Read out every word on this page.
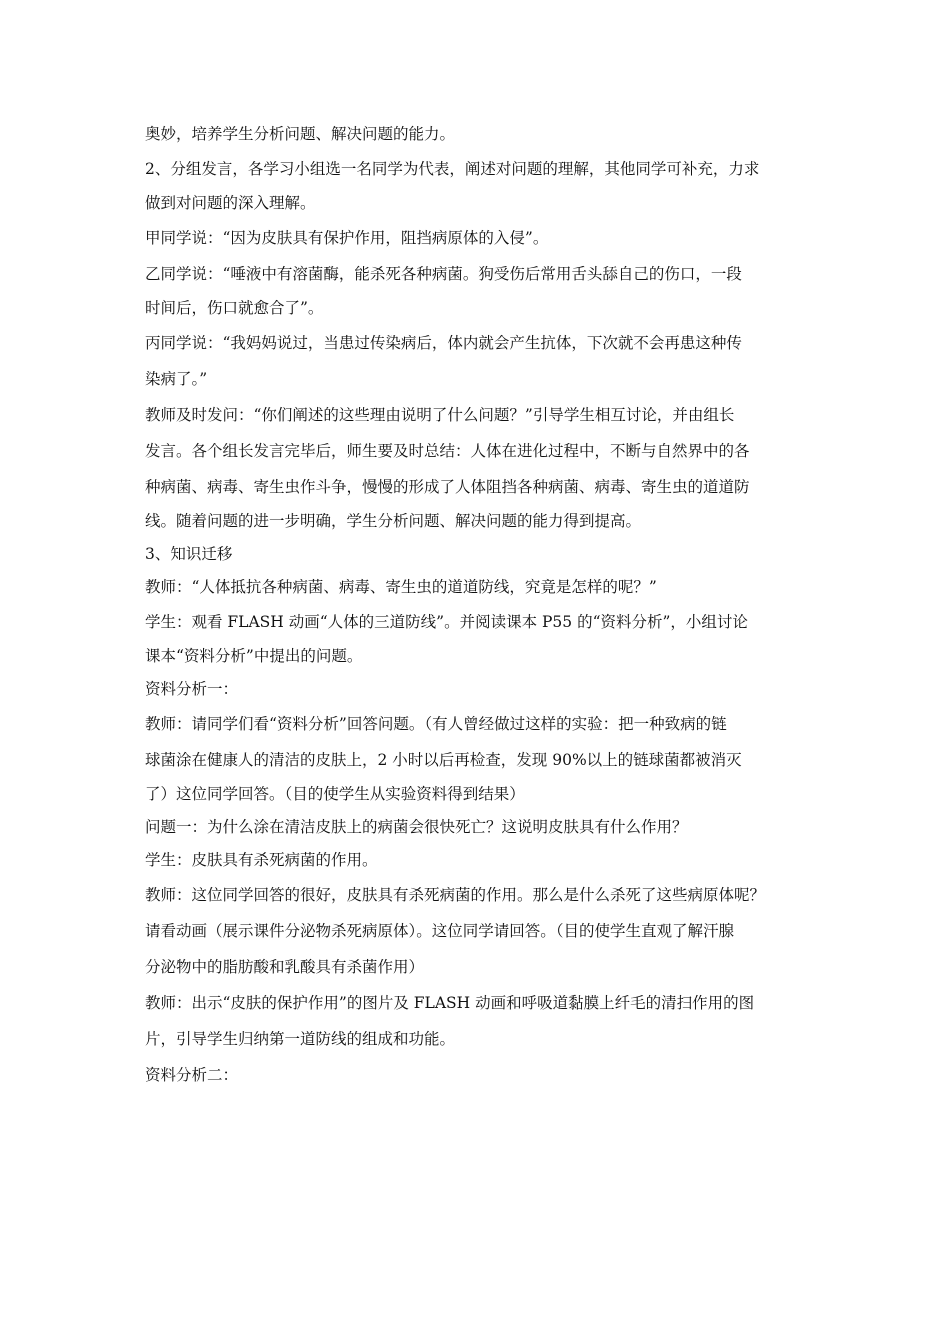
奥妙，培养学生分析问题、解决问题的能力。
2、分组发言，各学习小组选一名同学为代表，阐述对问题的理解，其他同学可补充，力求
做到对问题的深入理解。
甲同学说：“因为皮肤具有保护作用，阻挡病原体的入侵”。
乙同学说：“唾液中有溶菌酶，能杀死各种病菌。狗受伤后常用舌头舔自己的伤口，一段
时间后，伤口就愈合了”。
丙同学说：“我妈妈说过，当患过传染病后，体内就会产生抗体，下次就不会再患这种传
染病了。”
教师及时发问：“你们阐述的这些理由说明了什么问题？”引导学生相互讨论，并由组长
发言。各个组长发言完毕后，师生要及时总结：人体在进化过程中，不断与自然界中的各
种病菌、病毒、寄生虫作斗争，慢慢的形成了人体阻挡各种病菌、病毒、寄生虫的道道防
线。随着问题的进一步明确，学生分析问题、解决问题的能力得到提高。
3、知识迁移
教师：“人体抵抗各种病菌、病毒、寄生虫的道道防线，究竟是怎样的呢？”
学生：观看 FLASH 动画“人体的三道防线”。并阅读课本 P55 的“资料分析”，小组讨论
课本“资料分析”中提出的问题。
资料分析一：
教师：请同学们看“资料分析”回答问题。（有人曾经做过这样的实验：把一种致病的链
球菌涂在健康人的清洁的皮肤上，2 小时以后再检查，发现 90%以上的链球菌都被消灭
了）这位同学回答。（目的使学生从实验资料得到结果）
问题一：为什么涂在清洁皮肤上的病菌会很快死亡？这说明皮肤具有什么作用？
学生：皮肤具有杀死病菌的作用。
教师：这位同学回答的很好，皮肤具有杀死病菌的作用。那么是什么杀死了这些病原体呢？
请看动画（展示课件分泌物杀死病原体）。这位同学请回答。（目的使学生直观了解汗腺
分泌物中的脂肪酸和乳酸具有杀菌作用）
教师：出示“皮肤的保护作用”的图片及 FLASH 动画和呼吸道黏膜上纤毛的清扫作用的图
片，引导学生归纳第一道防线的组成和功能。
资料分析二：
